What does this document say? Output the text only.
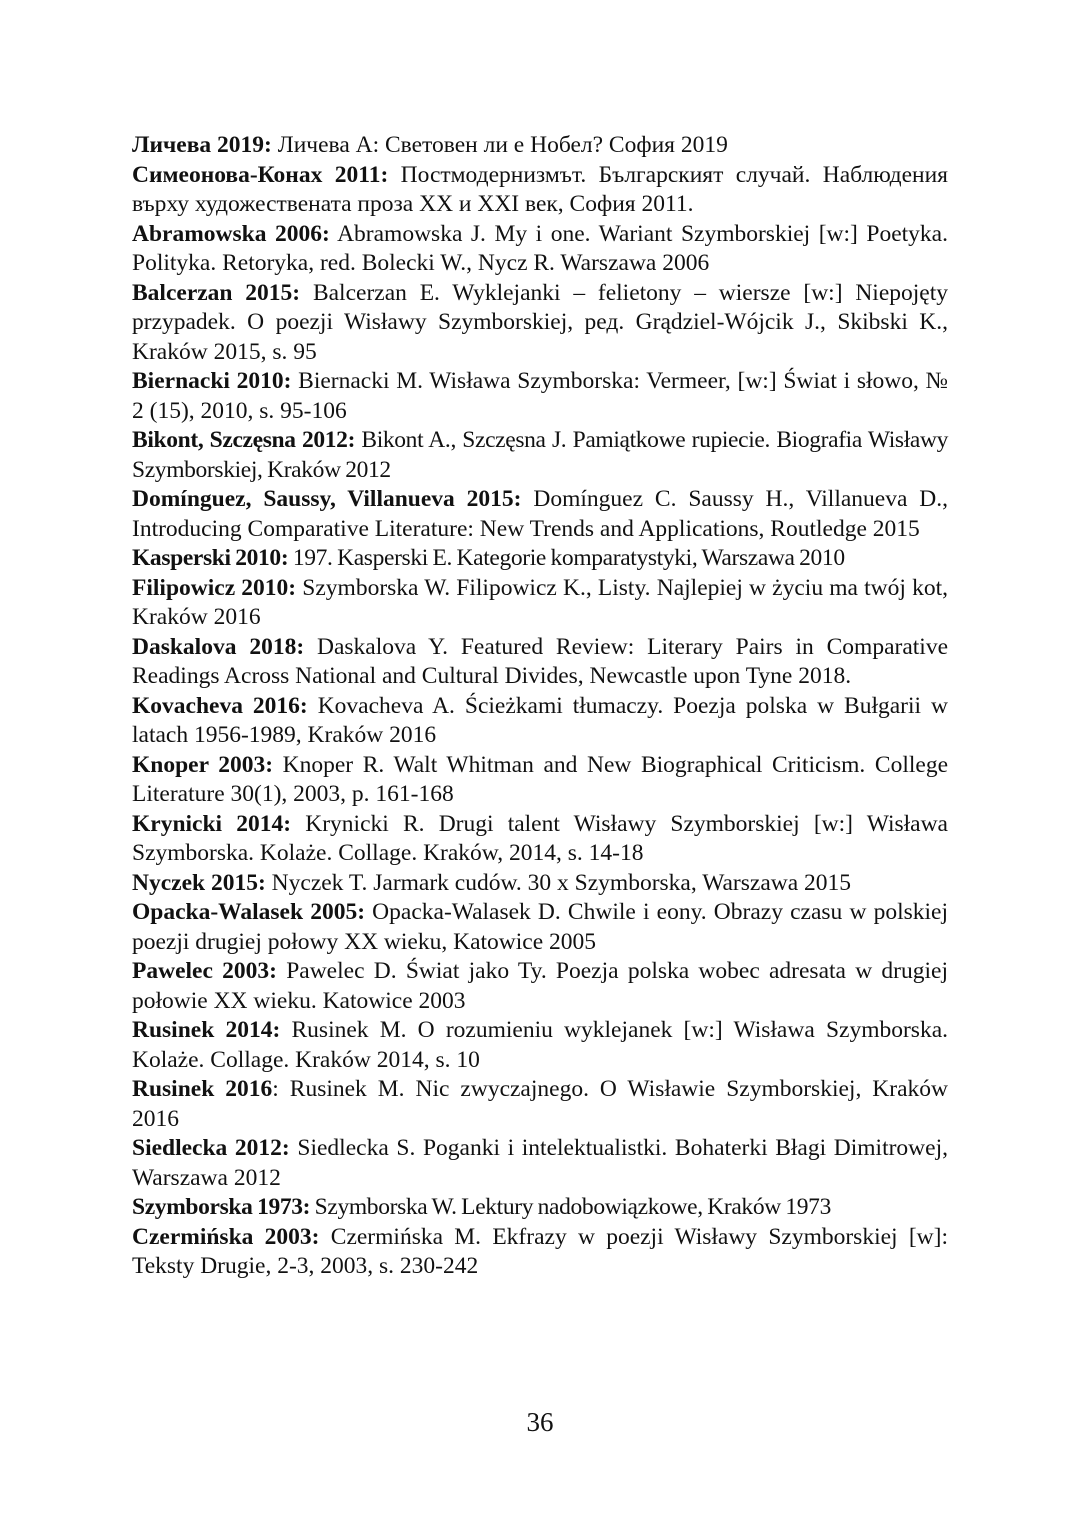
Личева 2019: Личева А: Световен ли е Нобел? София 2019

Симеонова-Конах 2011: Постмодернизмът. Българският случай. Наблюдения върху художествената проза XX и XXI век, София 2011.

Abramowska 2006: Abramowska J. My i one. Wariant Szymborskiej [w:] Poetyka. Polityka. Retoryka, red. Bolecki W., Nycz R. Warszawa 2006

Balcerzan 2015: Balcerzan E. Wyklejanki – felietony – wiersze [w:] Niepojęty przypadek. O poezji Wisławy Szymborskiej, ред. Grądziel-Wójcik J., Skibski K., Kraków 2015, s. 95

Biernacki 2010: Biernacki M. Wisława Szymborska: Vermeer, [w:] Świat i słowo, № 2 (15), 2010, s. 95-106

Bikont, Szczęsna 2012: Bikont A., Szczęsna J. Pamiątkowe rupiecie. Biografia Wisławy Szymborskiej, Kraków 2012

Domínguez, Saussy, Villanueva 2015: Domínguez C. Saussy H., Villanueva D., Introducing Comparative Literature: New Trends and Applications, Routledge 2015

Kasperski 2010: 197. Kasperski E. Kategorie komparatystyki, Warszawa 2010

Filipowicz 2010: Szymborska W. Filipowicz K., Listy. Najlepiej w życiu ma twój kot, Kraków 2016

Daskalova 2018: Daskalova Y. Featured Review: Literary Pairs in Comparative Readings Across National and Cultural Divides, Newcastle upon Tyne 2018.

Kovacheva 2016: Kovacheva A. Ścieżkami tłumaczy. Poezja polska w Bułgarii w latach 1956-1989, Kraków 2016

Knoper 2003: Knoper R. Walt Whitman and New Biographical Criticism. College Literature 30(1), 2003, p. 161-168

Krynicki 2014: Krynicki R. Drugi talent Wisławy Szymborskiej [w:] Wisława Szymborska. Kolaże. Collage. Kraków, 2014, s. 14-18

Nyczek 2015: Nyczek T. Jarmark cudów. 30 x Szymborska, Warszawa 2015

Opacka-Walasek 2005: Opacka-Walasek D. Chwile i eony. Obrazy czasu w polskiej poezji drugiej połowy XX wieku, Katowice 2005

Pawelec 2003: Pawelec D. Świat jako Ty. Poezja polska wobec adresata w drugiej połowie XX wieku. Katowice 2003

Rusinek 2014: Rusinek M. O rozumieniu wyklejanek [w:] Wisława Szymborska. Kolaże. Collage. Kraków 2014, s. 10

Rusinek 2016: Rusinek M. Nic zwyczajnego. O Wisławie Szymborskiej, Kraków 2016

Siedlecka 2012: Siedlecka S. Poganki i intelektualistki. Bohaterki Błagi Dimitrowej, Warszawa 2012

Szymborska 1973: Szymborska W. Lektury nadobowiązkowe, Kraków 1973

Czermińska 2003: Czermińska M. Ekfrazy w poezji Wisławy Szymborskiej [w]: Teksty Drugie, 2-3, 2003, s. 230-242

36
